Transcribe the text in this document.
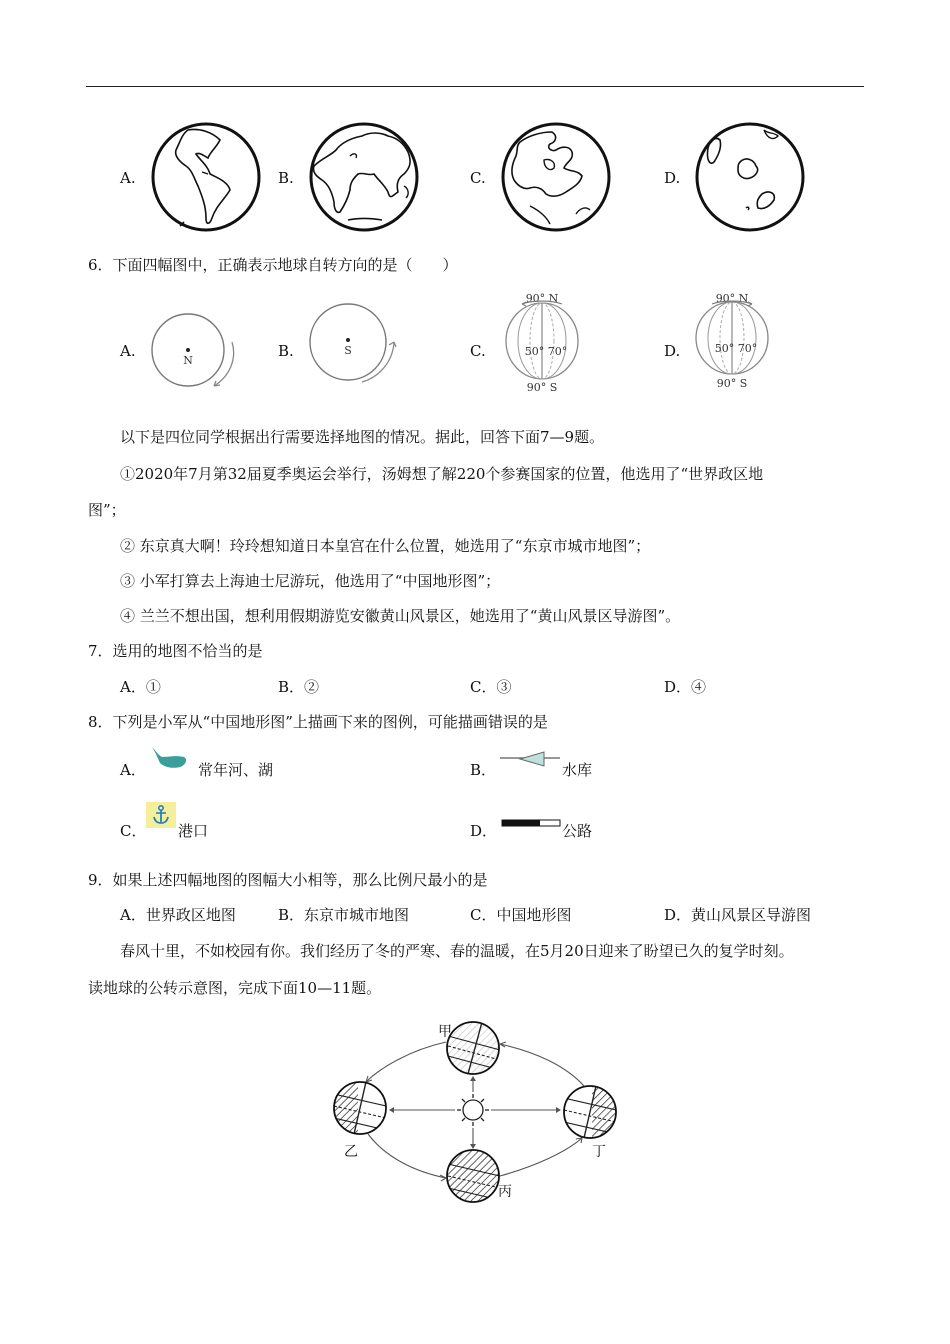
A.	B.	C.	D.
6．下面四幅图中，正确表示地球自转方向的是（　　）
A.
N
B.	S	C.
90° N
50° 70°
90° S
D.
90° N
50° 70°
90° S
以下是四位同学根据出行需要选择地图的情况。据此，回答下面7—9题。
①2020年7月第32届夏季奥运会举行，汤姆想了解220个参赛国家的位置，他选用了“世界政区地
图”；
② 东京真大啊！玲玲想知道日本皇宫在什么位置，她选用了“东京市城市地图”；
③ 小军打算去上海迪士尼游玩，他选用了“中国地形图”；
④ 兰兰不想出国，想利用假期游览安徽黄山风景区，她选用了“黄山风景区导游图”。
7．选用的地图不恰当的是
A．①	B．②	C．③	D．④
8．下列是小军从“中国地形图”上描画下来的图例，可能描画错误的是
A．	常年河、湖	B．	水库
C． 港口	D．	公路
9．如果上述四幅地图的图幅大小相等，那么比例尺最小的是
A．世界政区地图	B．东京市城市地图	C．中国地形图	D．黄山风景区导游图
春风十里，不如校园有你。我们经历了冬的严寒、春的温暖，在5月20日迎来了盼望已久的复学时刻。
读地球的公转示意图，完成下面10—11题。
甲
乙
丙
丁
